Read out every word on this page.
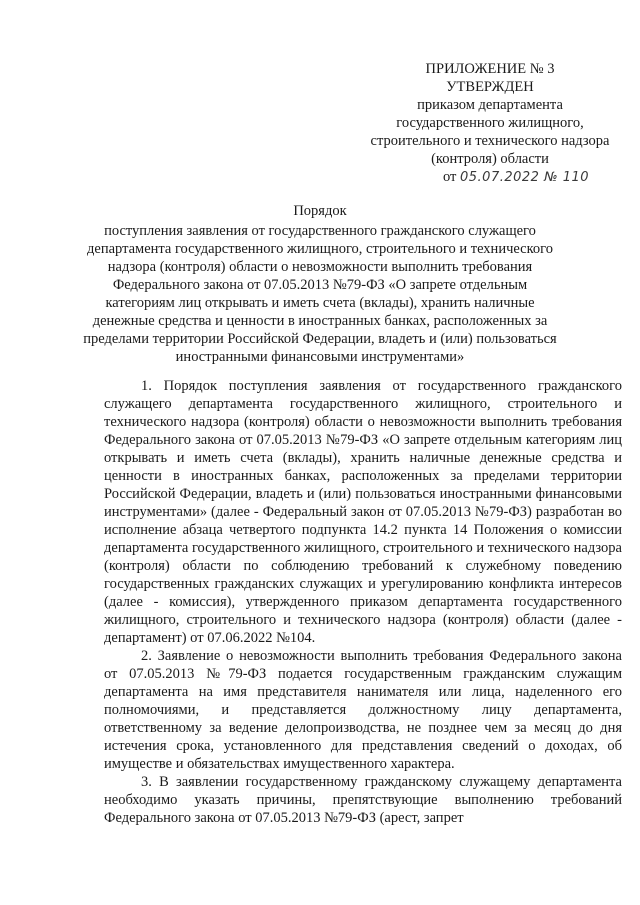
ПРИЛОЖЕНИЕ № 3
УТВЕРЖДЕН
приказом департамента
государственного жилищного,
строительного и технического надзора
(контроля) области
от 05.07.2022 № 110
Порядок
поступления заявления от государственного гражданского служащего департамента государственного жилищного, строительного и технического надзора (контроля) области о невозможности выполнить требования Федерального закона от 07.05.2013 №79-ФЗ «О запрете отдельным категориям лиц открывать и иметь счета (вклады), хранить наличные денежные средства и ценности в иностранных банках, расположенных за пределами территории Российской Федерации, владеть и (или) пользоваться иностранными финансовыми инструментами»

1. Порядок поступления заявления от государственного гражданского служащего департамента государственного жилищного, строительного и технического надзора (контроля) области о невозможности выполнить требования Федерального закона от 07.05.2013 №79-ФЗ «О запрете отдельным категориям лиц открывать и иметь счета (вклады), хранить наличные денежные средства и ценности в иностранных банках, расположенных за пределами территории Российской Федерации, владеть и (или) пользоваться иностранными финансовыми инструментами» (далее - Федеральный закон от 07.05.2013 №79-ФЗ) разработан во исполнение абзаца четвертого подпункта 14.2 пункта 14 Положения о комиссии департамента государственного жилищного, строительного и технического надзора (контроля) области по соблюдению требований к служебному поведению государственных гражданских служащих и урегулированию конфликта интересов (далее - комиссия), утвержденного приказом департамента государственного жилищного, строительного и технического надзора (контроля) области (далее - департамент) от 07.06.2022 №104.

2. Заявление о невозможности выполнить требования Федерального закона от 07.05.2013 №79-ФЗ подается государственным гражданским служащим департамента на имя представителя нанимателя или лица, наделенного его полномочиями, и представляется должностному лицу департамента, ответственному за ведение делопроизводства, не позднее чем за месяц до дня истечения срока, установленного для представления сведений о доходах, об имуществе и обязательствах имущественного характера.

3. В заявлении государственному гражданскому служащему департамента необходимо указать причины, препятствующие выполнению требований Федерального закона от 07.05.2013 №79-ФЗ (арест, запрет
